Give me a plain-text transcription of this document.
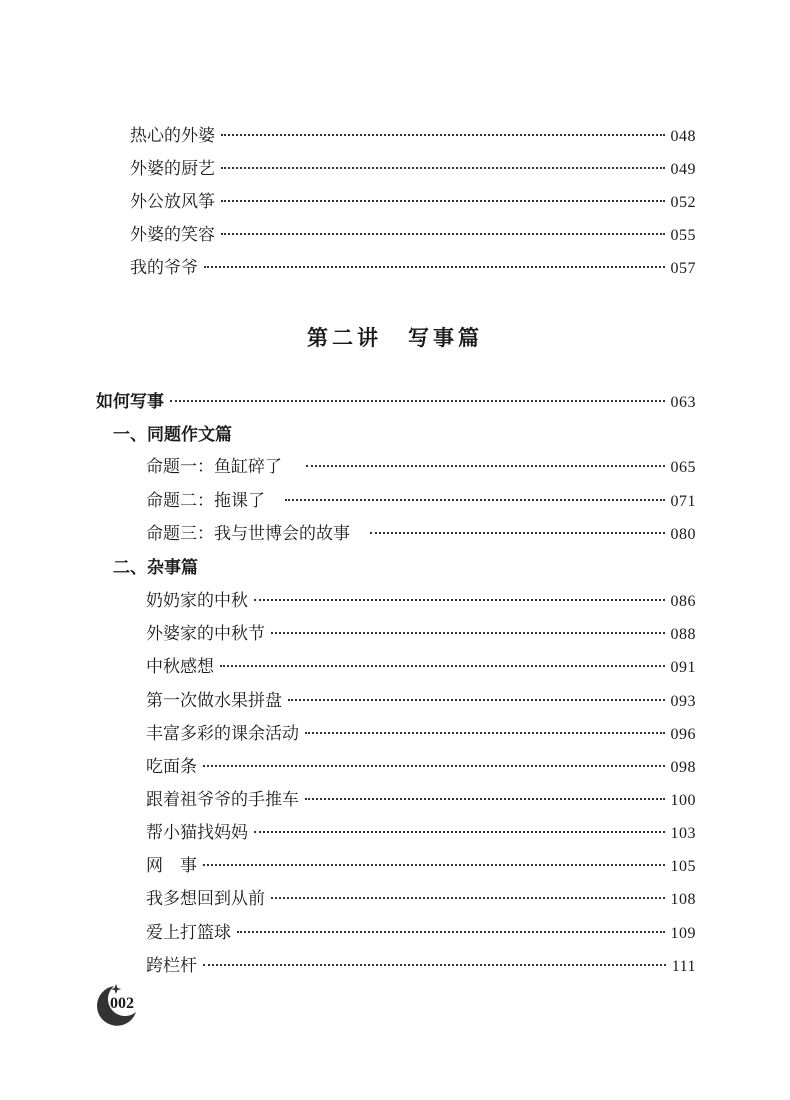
热心的外婆	048
外婆的厨艺	049
外公放风筝	052
外婆的笑容	055
我的爷爷	057
第二讲 写事篇
如何写事	063
一、同题作文篇
命题一：鱼缸碎了	065
命题二：拖课了	071
命题三：我与世博会的故事	080
二、杂事篇
奶奶家的中秋	086
外婆家的中秋节	088
中秋感想	091
第一次做水果拼盘	093
丰富多彩的课余活动	096
吃面条	098
跟着祖爷爷的手推车	100
帮小猫找妈妈	103
网　事	105
我多想回到从前	108
爱上打篮球	109
跨栏杆	111
002
